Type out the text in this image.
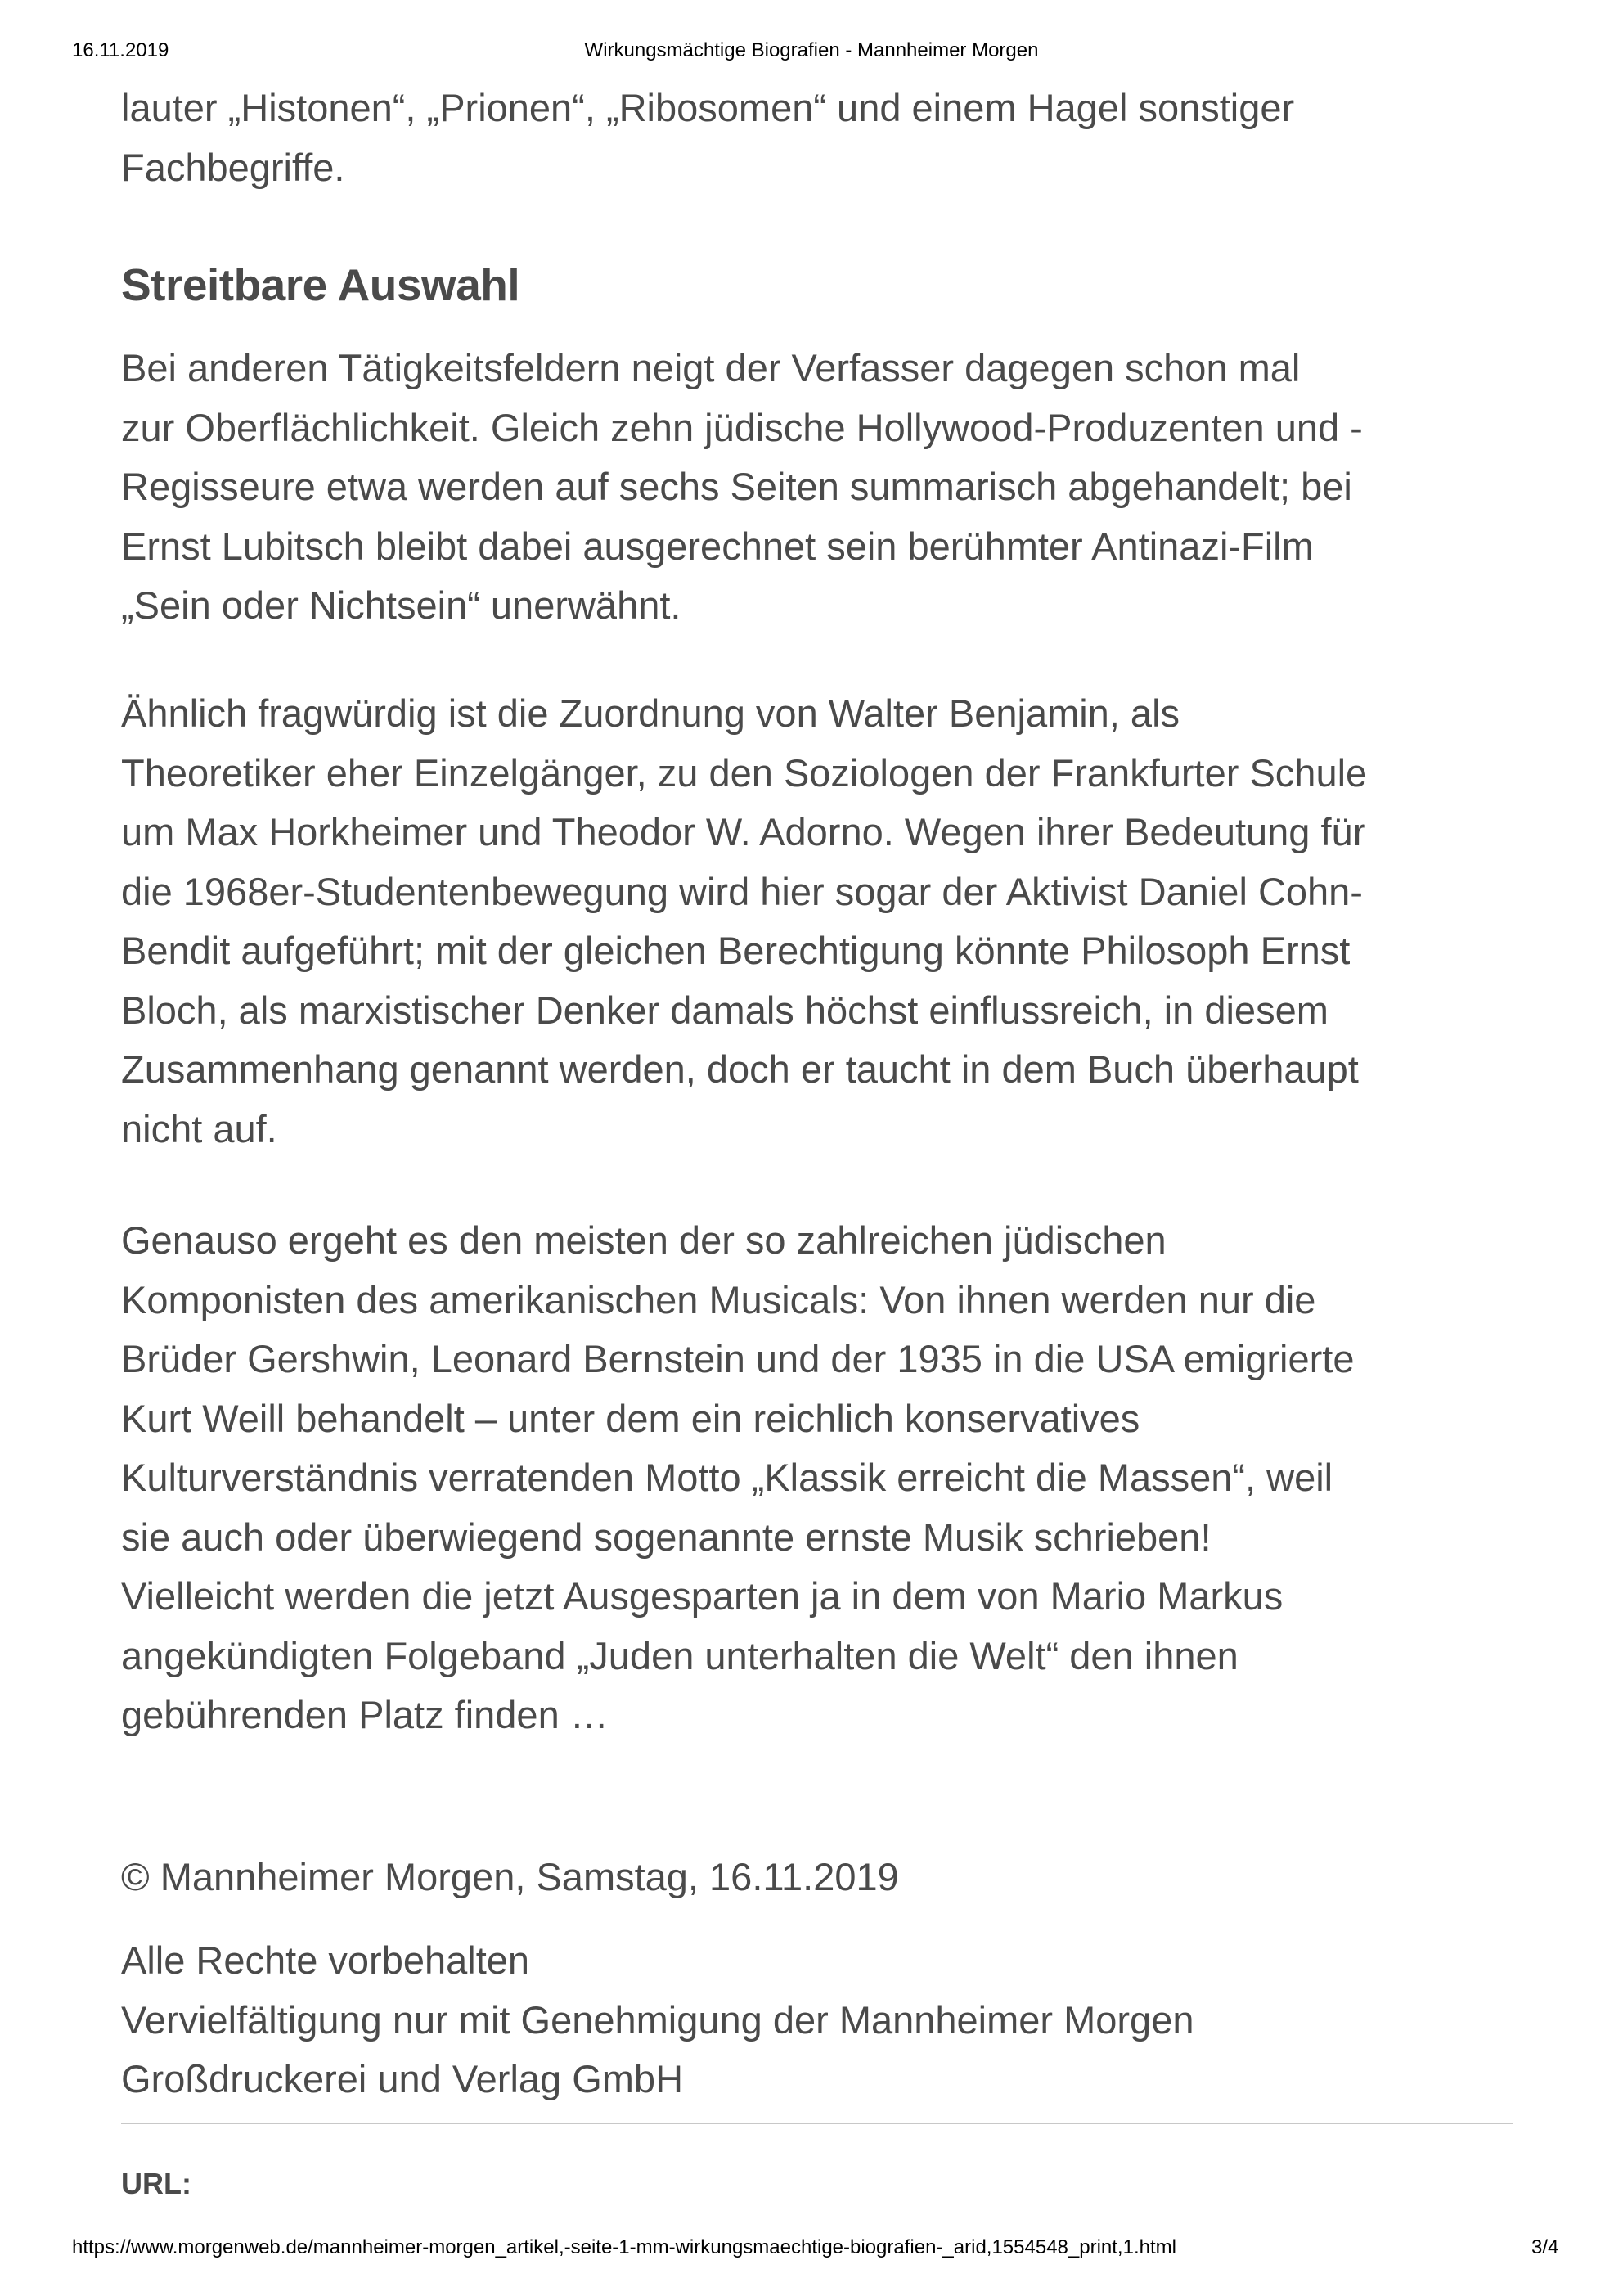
16.11.2019	Wirkungsmächtige Biografien - Mannheimer Morgen

lauter „Histonen“, „Prionen“, „Ribosomen“ und einem Hagel sonstiger
Fachbegriffe.

Streitbare Auswahl

Bei anderen Tätigkeitsfeldern neigt der Verfasser dagegen schon mal
zur Oberflächlichkeit. Gleich zehn jüdische Hollywood-Produzenten und -
Regisseure etwa werden auf sechs Seiten summarisch abgehandelt; bei
Ernst Lubitsch bleibt dabei ausgerechnet sein berühmter Antinazi-Film
„Sein oder Nichtsein“ unerwähnt.

Ähnlich fragwürdig ist die Zuordnung von Walter Benjamin, als
Theoretiker eher Einzelgänger, zu den Soziologen der Frankfurter Schule
um Max Horkheimer und Theodor W. Adorno. Wegen ihrer Bedeutung für
die 1968er-Studentenbewegung wird hier sogar der Aktivist Daniel Cohn-
Bendit aufgeführt; mit der gleichen Berechtigung könnte Philosoph Ernst
Bloch, als marxistischer Denker damals höchst einflussreich, in diesem
Zusammenhang genannt werden, doch er taucht in dem Buch überhaupt
nicht auf.

Genauso ergeht es den meisten der so zahlreichen jüdischen
Komponisten des amerikanischen Musicals: Von ihnen werden nur die
Brüder Gershwin, Leonard Bernstein und der 1935 in die USA emigrierte
Kurt Weill behandelt – unter dem ein reichlich konservatives
Kulturverständnis verratenden Motto „Klassik erreicht die Massen“, weil
sie auch oder überwiegend sogenannte ernste Musik schrieben!
Vielleicht werden die jetzt Ausgesparten ja in dem von Mario Markus
angekündigten Folgeband „Juden unterhalten die Welt“ den ihnen
gebührenden Platz finden …

© Mannheimer Morgen, Samstag, 16.11.2019

Alle Rechte vorbehalten
Vervielfältigung nur mit Genehmigung der Mannheimer Morgen
Großdruckerei und Verlag GmbH
URL:
https://www.morgenweb.de/mannheimer-morgen_artikel,-seite-1-mm-wirkungsmaechtige-biografien-_arid,1554548_print,1.html	3/4
